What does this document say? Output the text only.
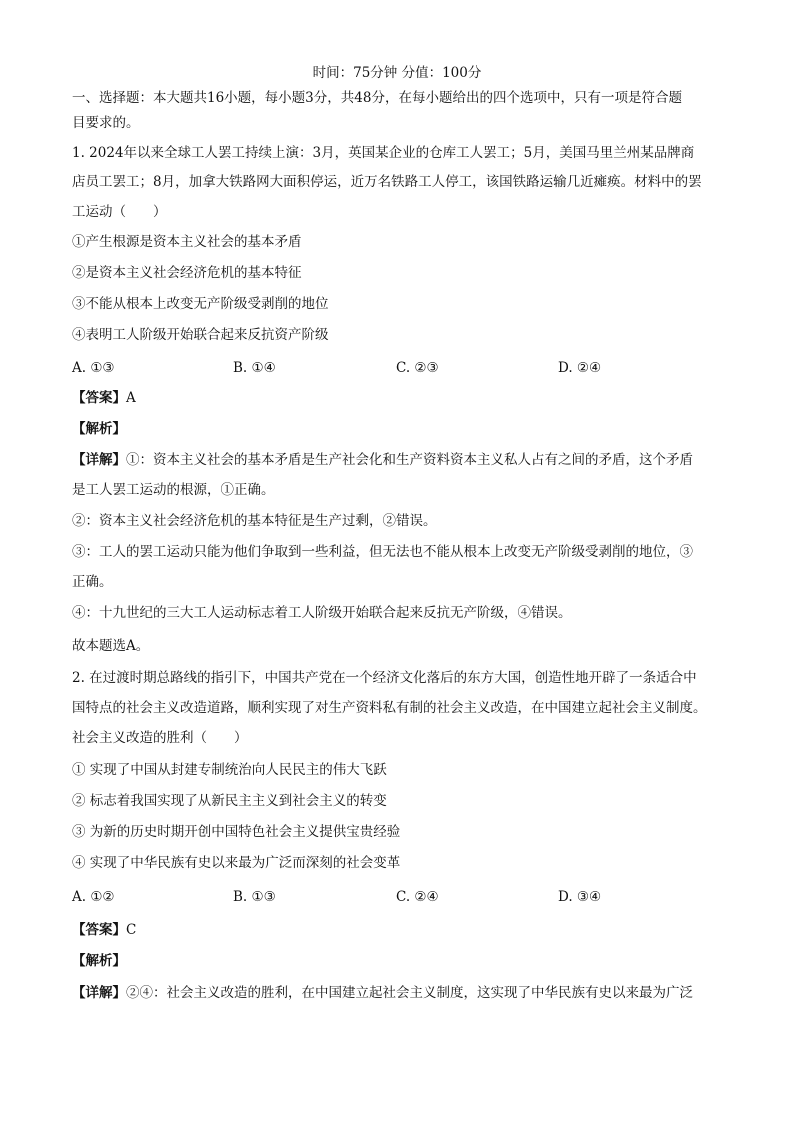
时间：75分钟 分值：100分
一、选择题：本大题共16小题，每小题3分，共48分，在每小题给出的四个选项中，只有一项是符合题
目要求的。
1. 2024年以来全球工人罢工持续上演：3月，英国某企业的仓库工人罢工；5月，美国马里兰州某品牌商
店员工罢工；8月，加拿大铁路网大面积停运，近万名铁路工人停工，该国铁路运输几近瘫痪。材料中的罢
工运动（　　）
①产生根源是资本主义社会的基本矛盾
②是资本主义社会经济危机的基本特征
③不能从根本上改变无产阶级受剥削的地位
④表明工人阶级开始联合起来反抗资产阶级
A. ①③	B. ①④	C. ②③	D. ②④
【答案】A
【解析】
【详解】①：资本主义社会的基本矛盾是生产社会化和生产资料资本主义私人占有之间的矛盾，这个矛盾
是工人罢工运动的根源，①正确。
②：资本主义社会经济危机的基本特征是生产过剩，②错误。
③：工人的罢工运动只能为他们争取到一些利益，但无法也不能从根本上改变无产阶级受剥削的地位，③
正确。
④：十九世纪的三大工人运动标志着工人阶级开始联合起来反抗无产阶级，④错误。
故本题选A。
2. 在过渡时期总路线的指引下，中国共产党在一个经济文化落后的东方大国，创造性地开辟了一条适合中
国特点的社会主义改造道路，顺利实现了对生产资料私有制的社会主义改造，在中国建立起社会主义制度。
社会主义改造的胜利（　　）
① 实现了中国从封建专制统治向人民民主的伟大飞跃
② 标志着我国实现了从新民主主义到社会主义的转变
③ 为新的历史时期开创中国特色社会主义提供宝贵经验
④ 实现了中华民族有史以来最为广泛而深刻的社会变革
A. ①②	B. ①③	C. ②④	D. ③④
【答案】C
【解析】
【详解】②④：社会主义改造的胜利，在中国建立起社会主义制度，这实现了中华民族有史以来最为广泛
